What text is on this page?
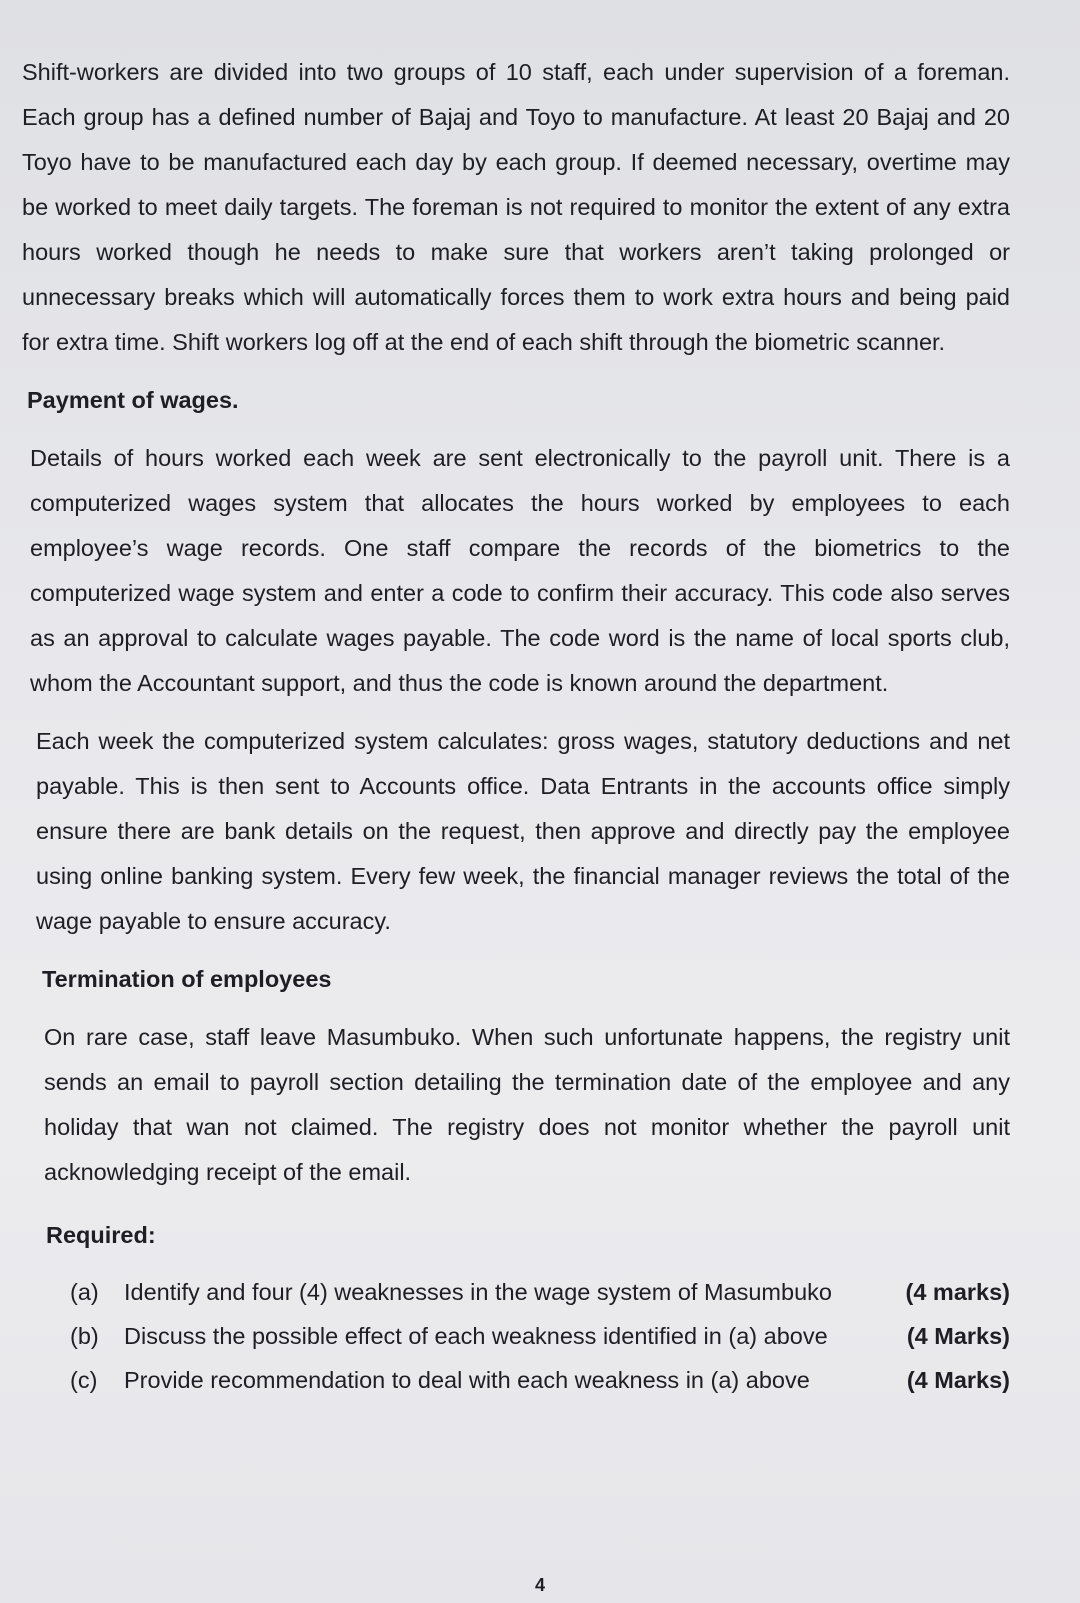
Shift-workers are divided into two groups of 10 staff, each under supervision of a foreman. Each group has a defined number of Bajaj and Toyo to manufacture. At least 20 Bajaj and 20 Toyo have to be manufactured each day by each group. If deemed necessary, overtime may be worked to meet daily targets. The foreman is not required to monitor the extent of any extra hours worked though he needs to make sure that workers aren’t taking prolonged or unnecessary breaks which will automatically forces them to work extra hours and being paid for extra time. Shift workers log off at the end of each shift through the biometric scanner.

Payment of wages.

Details of hours worked each week are sent electronically to the payroll unit. There is a computerized wages system that allocates the hours worked by employees to each employee’s wage records. One staff compare the records of the biometrics to the computerized wage system and enter a code to confirm their accuracy. This code also serves as an approval to calculate wages payable. The code word is the name of local sports club, whom the Accountant support, and thus the code is known around the department.

Each week the computerized system calculates: gross wages, statutory deductions and net payable. This is then sent to Accounts office. Data Entrants in the accounts office simply ensure there are bank details on the request, then approve and directly pay the employee using online banking system. Every few week, the financial manager reviews the total of the wage payable to ensure accuracy.

Termination of employees

On rare case, staff leave Masumbuko. When such unfortunate happens, the registry unit sends an email to payroll section detailing the termination date of the employee and any holiday that wan not claimed. The registry does not monitor whether the payroll unit acknowledging receipt of the email.

Required:
(a)	Identify and four (4) weaknesses in the wage system of Masumbuko	(4 marks)
(b)	Discuss the possible effect of each weakness identified in (a) above	(4 Marks)
(c)	Provide recommendation to deal with each weakness in (a) above	(4 Marks)
4
